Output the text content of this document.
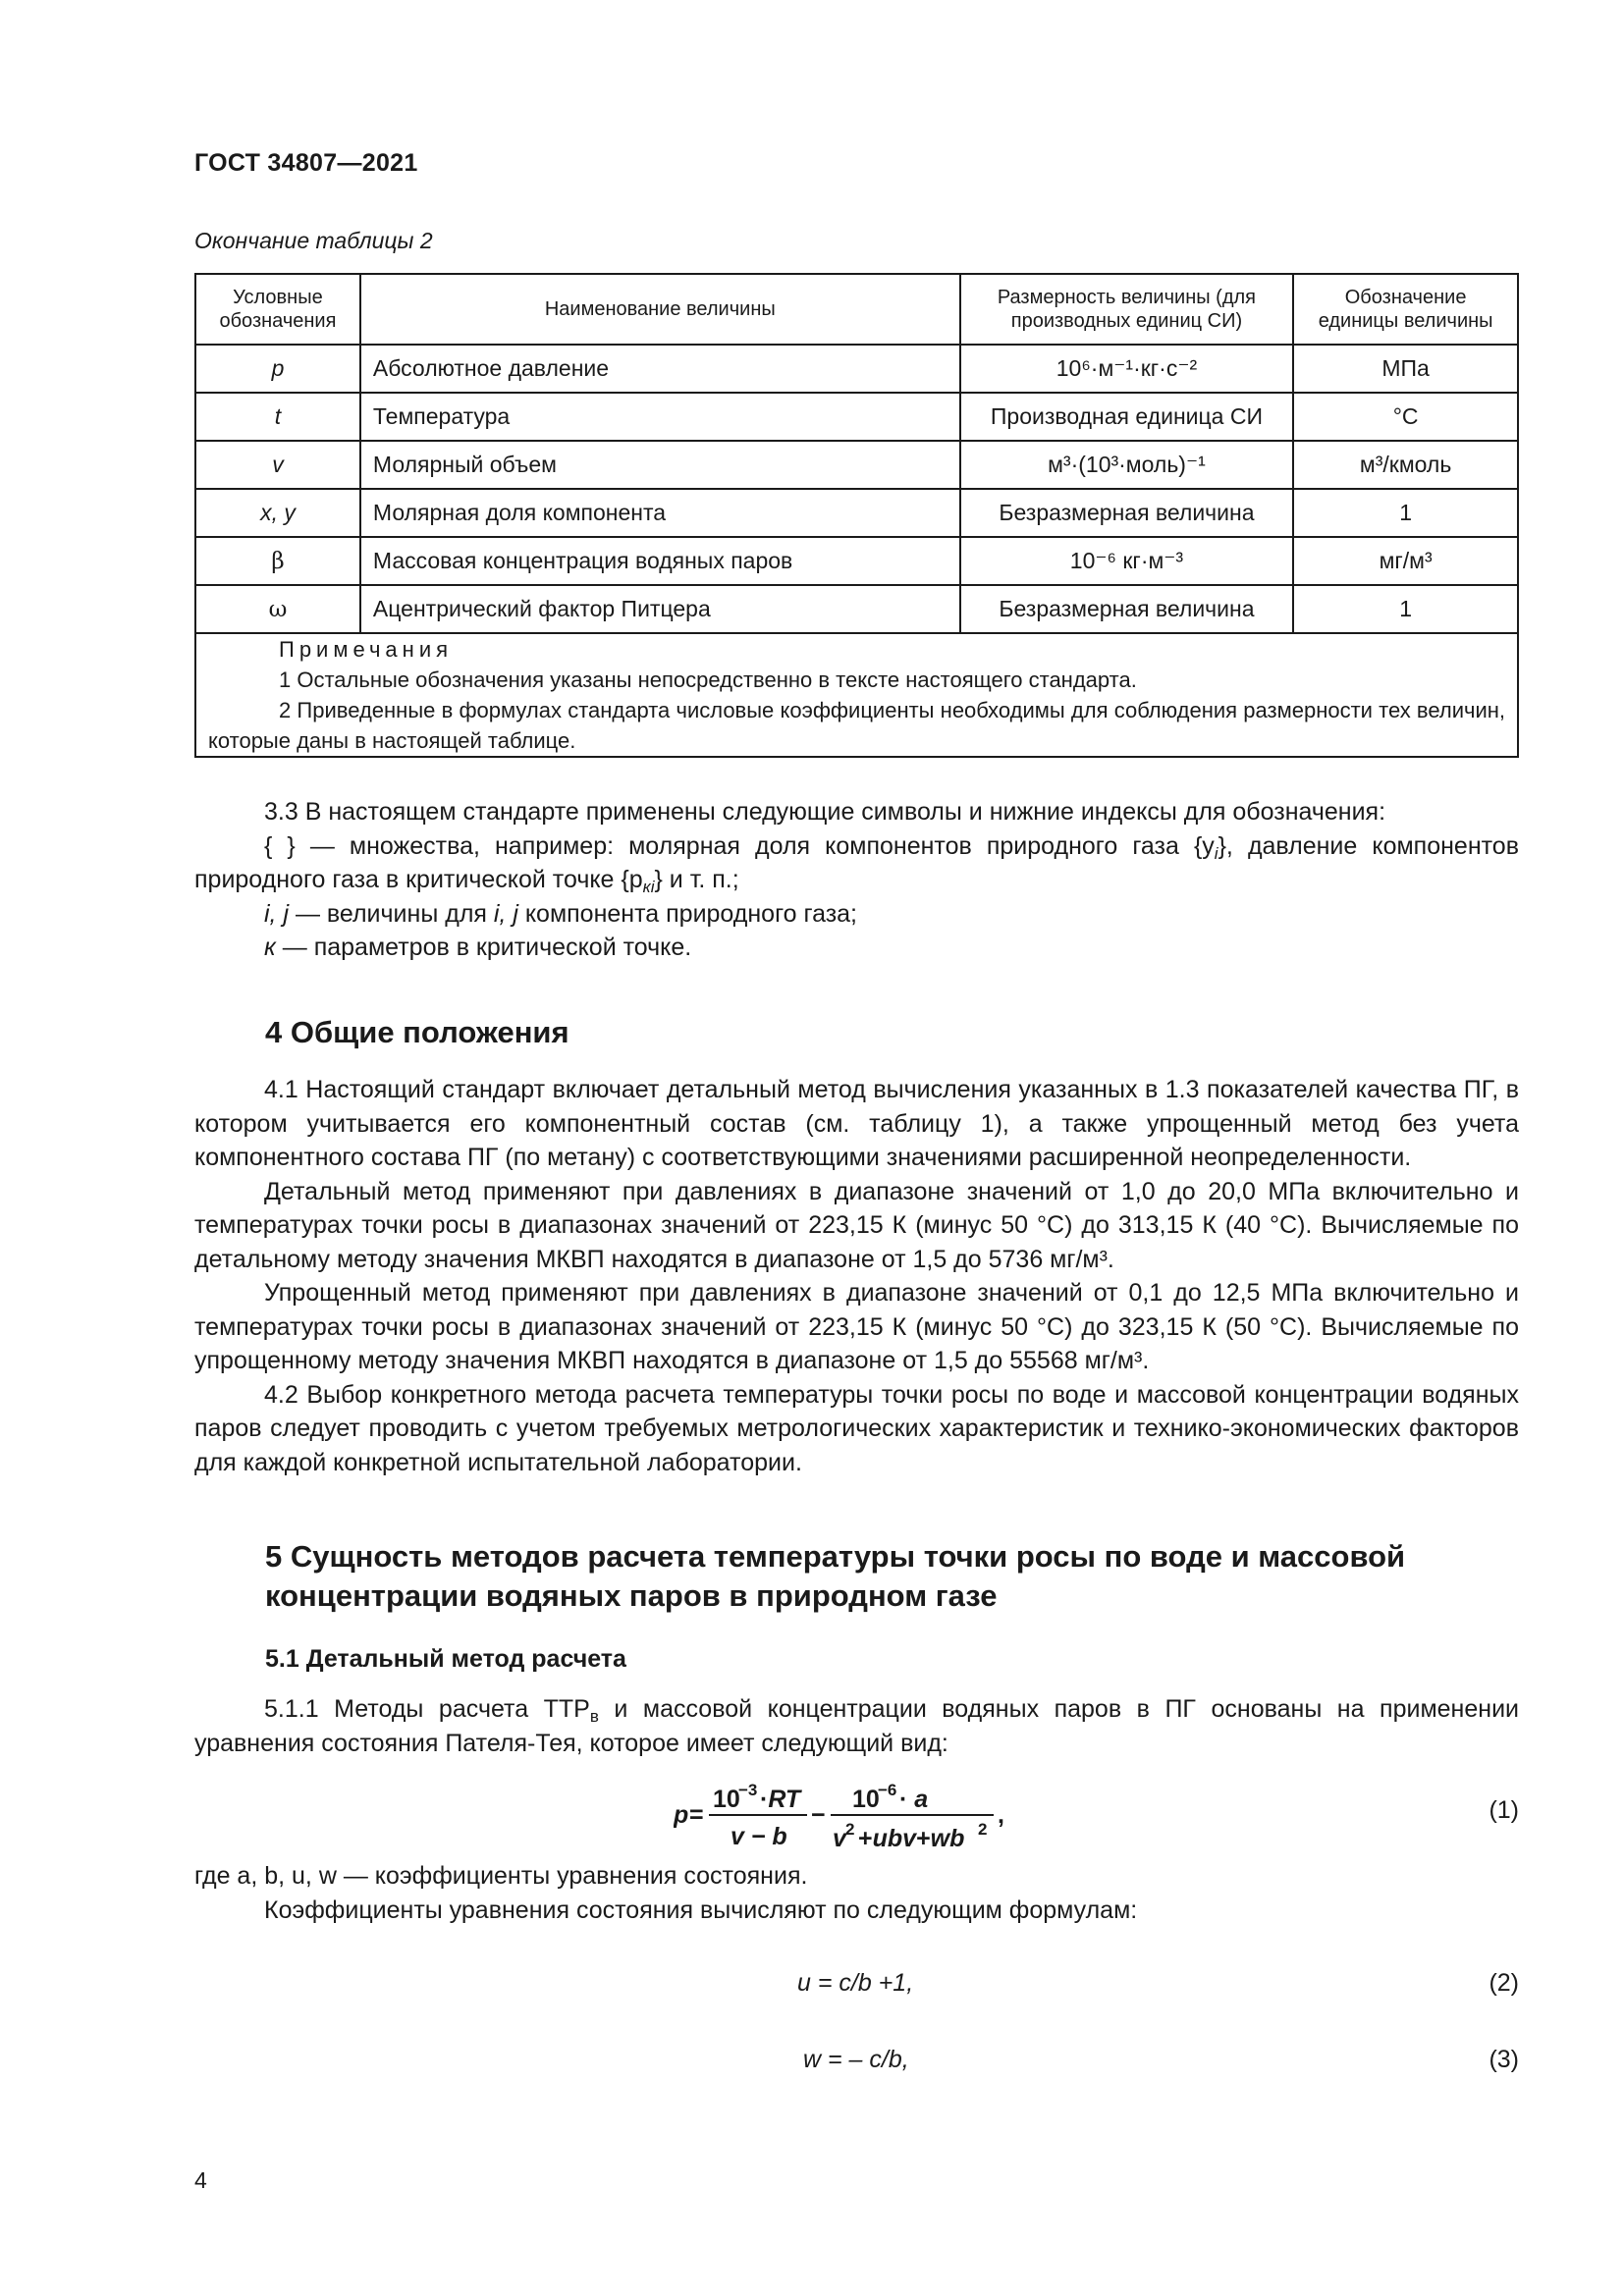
ГОСТ 34807—2021
Окончание таблицы 2
Условные обозначения	Наименование величины	Размерность величины (для производных единиц СИ)	Обозначение единицы величины
p	Абсолютное давление	10⁶·м⁻¹·кг·с⁻²	МПа
t	Температура	Производная единица СИ	°C
v	Молярный объем	м³·(10³·моль)⁻¹	м³/кмоль
x, y	Молярная доля компонента	Безразмерная величина	1
β	Массовая концентрация водяных паров	10⁻⁶ кг·м⁻³	мг/м³
ω	Ацентрический фактор Питцера	Безразмерная величина	1

Примечания
1 Остальные обозначения указаны непосредственно в тексте настоящего стандарта.
2 Приведенные в формулах стандарта числовые коэффициенты необходимы для соблюдения размерности тех величин, которые даны в настоящей таблице.			
3.3 В настоящем стандарте применены следующие символы и нижние индексы для обозначения:
{ } — множества, например: молярная доля компонентов природного газа $\{y_i\}$, давление компонентов природного газа в критической точке $\{p_{кi}\}$ и т. п.;
i, j — величины для i, j компонента природного газа;
к — параметров в критической точке.
4 Общие положения
4.1 Настоящий стандарт включает детальный метод вычисления указанных в 1.3 показателей качества ПГ, в котором учитывается его компонентный состав (см. таблицу 1), а также упрощенный метод без учета компонентного состава ПГ (по метану) с соответствующими значениями расширенной неопределенности.
Детальный метод применяют при давлениях в диапазоне значений от 1,0 до 20,0 МПа включительно и температурах точки росы в диапазонах значений от 223,15 К (минус 50 °С) до 313,15 К (40 °С). Вычисляемые по детальному методу значения МКВП находятся в диапазоне от 1,5 до 5736 мг/м³.
Упрощенный метод применяют при давлениях в диапазоне значений от 0,1 до 12,5 МПа включительно и температурах точки росы в диапазонах значений от 223,15 К (минус 50 °С) до 323,15 К (50 °С). Вычисляемые по упрощенному методу значения МКВП находятся в диапазоне от 1,5 до 55568 мг/м³.
4.2 Выбор конкретного метода расчета температуры точки росы по воде и массовой концентрации водяных паров следует проводить с учетом требуемых метрологических характеристик и технико-экономических факторов для каждой конкретной испытательной лаборатории.
5 Сущность методов расчета температуры точки росы по воде и массовой концентрации водяных паров в природном газе
5.1 Детальный метод расчета
5.1.1 Методы расчета $ТТР_в$ и массовой концентрации водяных паров в ПГ основаны на применении уравнения состояния Пателя-Тея, которое имеет следующий вид:
p =
10
−3 ·RT
v − b
−
10
−6 · a
v 2 +ubv+wb 2
,	(1)
где a, b, u, w — коэффициенты уравнения состояния.
Коэффициенты уравнения состояния вычисляют по следующим формулам:
u = c/b +1,	(2)
w = – c/b,	(3)
4
